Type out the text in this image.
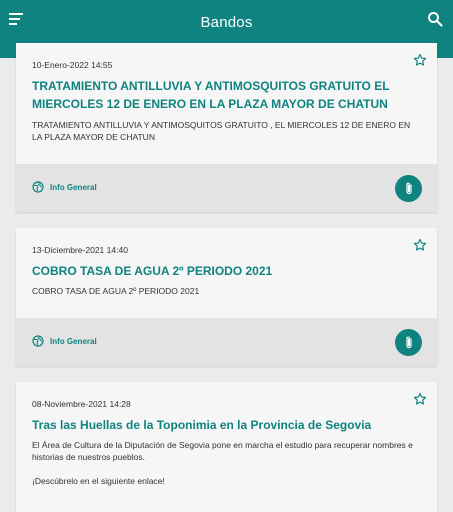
Bandos
10-Enero-2022 14:55
TRATAMIENTO ANTILLUVIA Y ANTIMOSQUITOS GRATUITO EL MIERCOLES 12 DE ENERO EN LA PLAZA MAYOR DE CHATUN
TRATAMIENTO ANTILLUVIA Y ANTIMOSQUITOS GRATUITO , EL MIERCOLES 12 DE ENERO EN LA PLAZA MAYOR DE CHATUN
Info General
13-Diciembre-2021 14:40
COBRO TASA DE AGUA 2º PERIODO 2021
COBRO TASA DE AGUA 2º PERIODO 2021
Info General
08-Noviembre-2021 14:28
Tras las Huellas de la Toponimia en la Provincia de Segovia
El Área de Cultura de la Diputación de Segovia pone en marcha el estudio para recuperar nombres e historias de nuestros pueblos.
¡Descúbrelo en el siguiente enlace!
